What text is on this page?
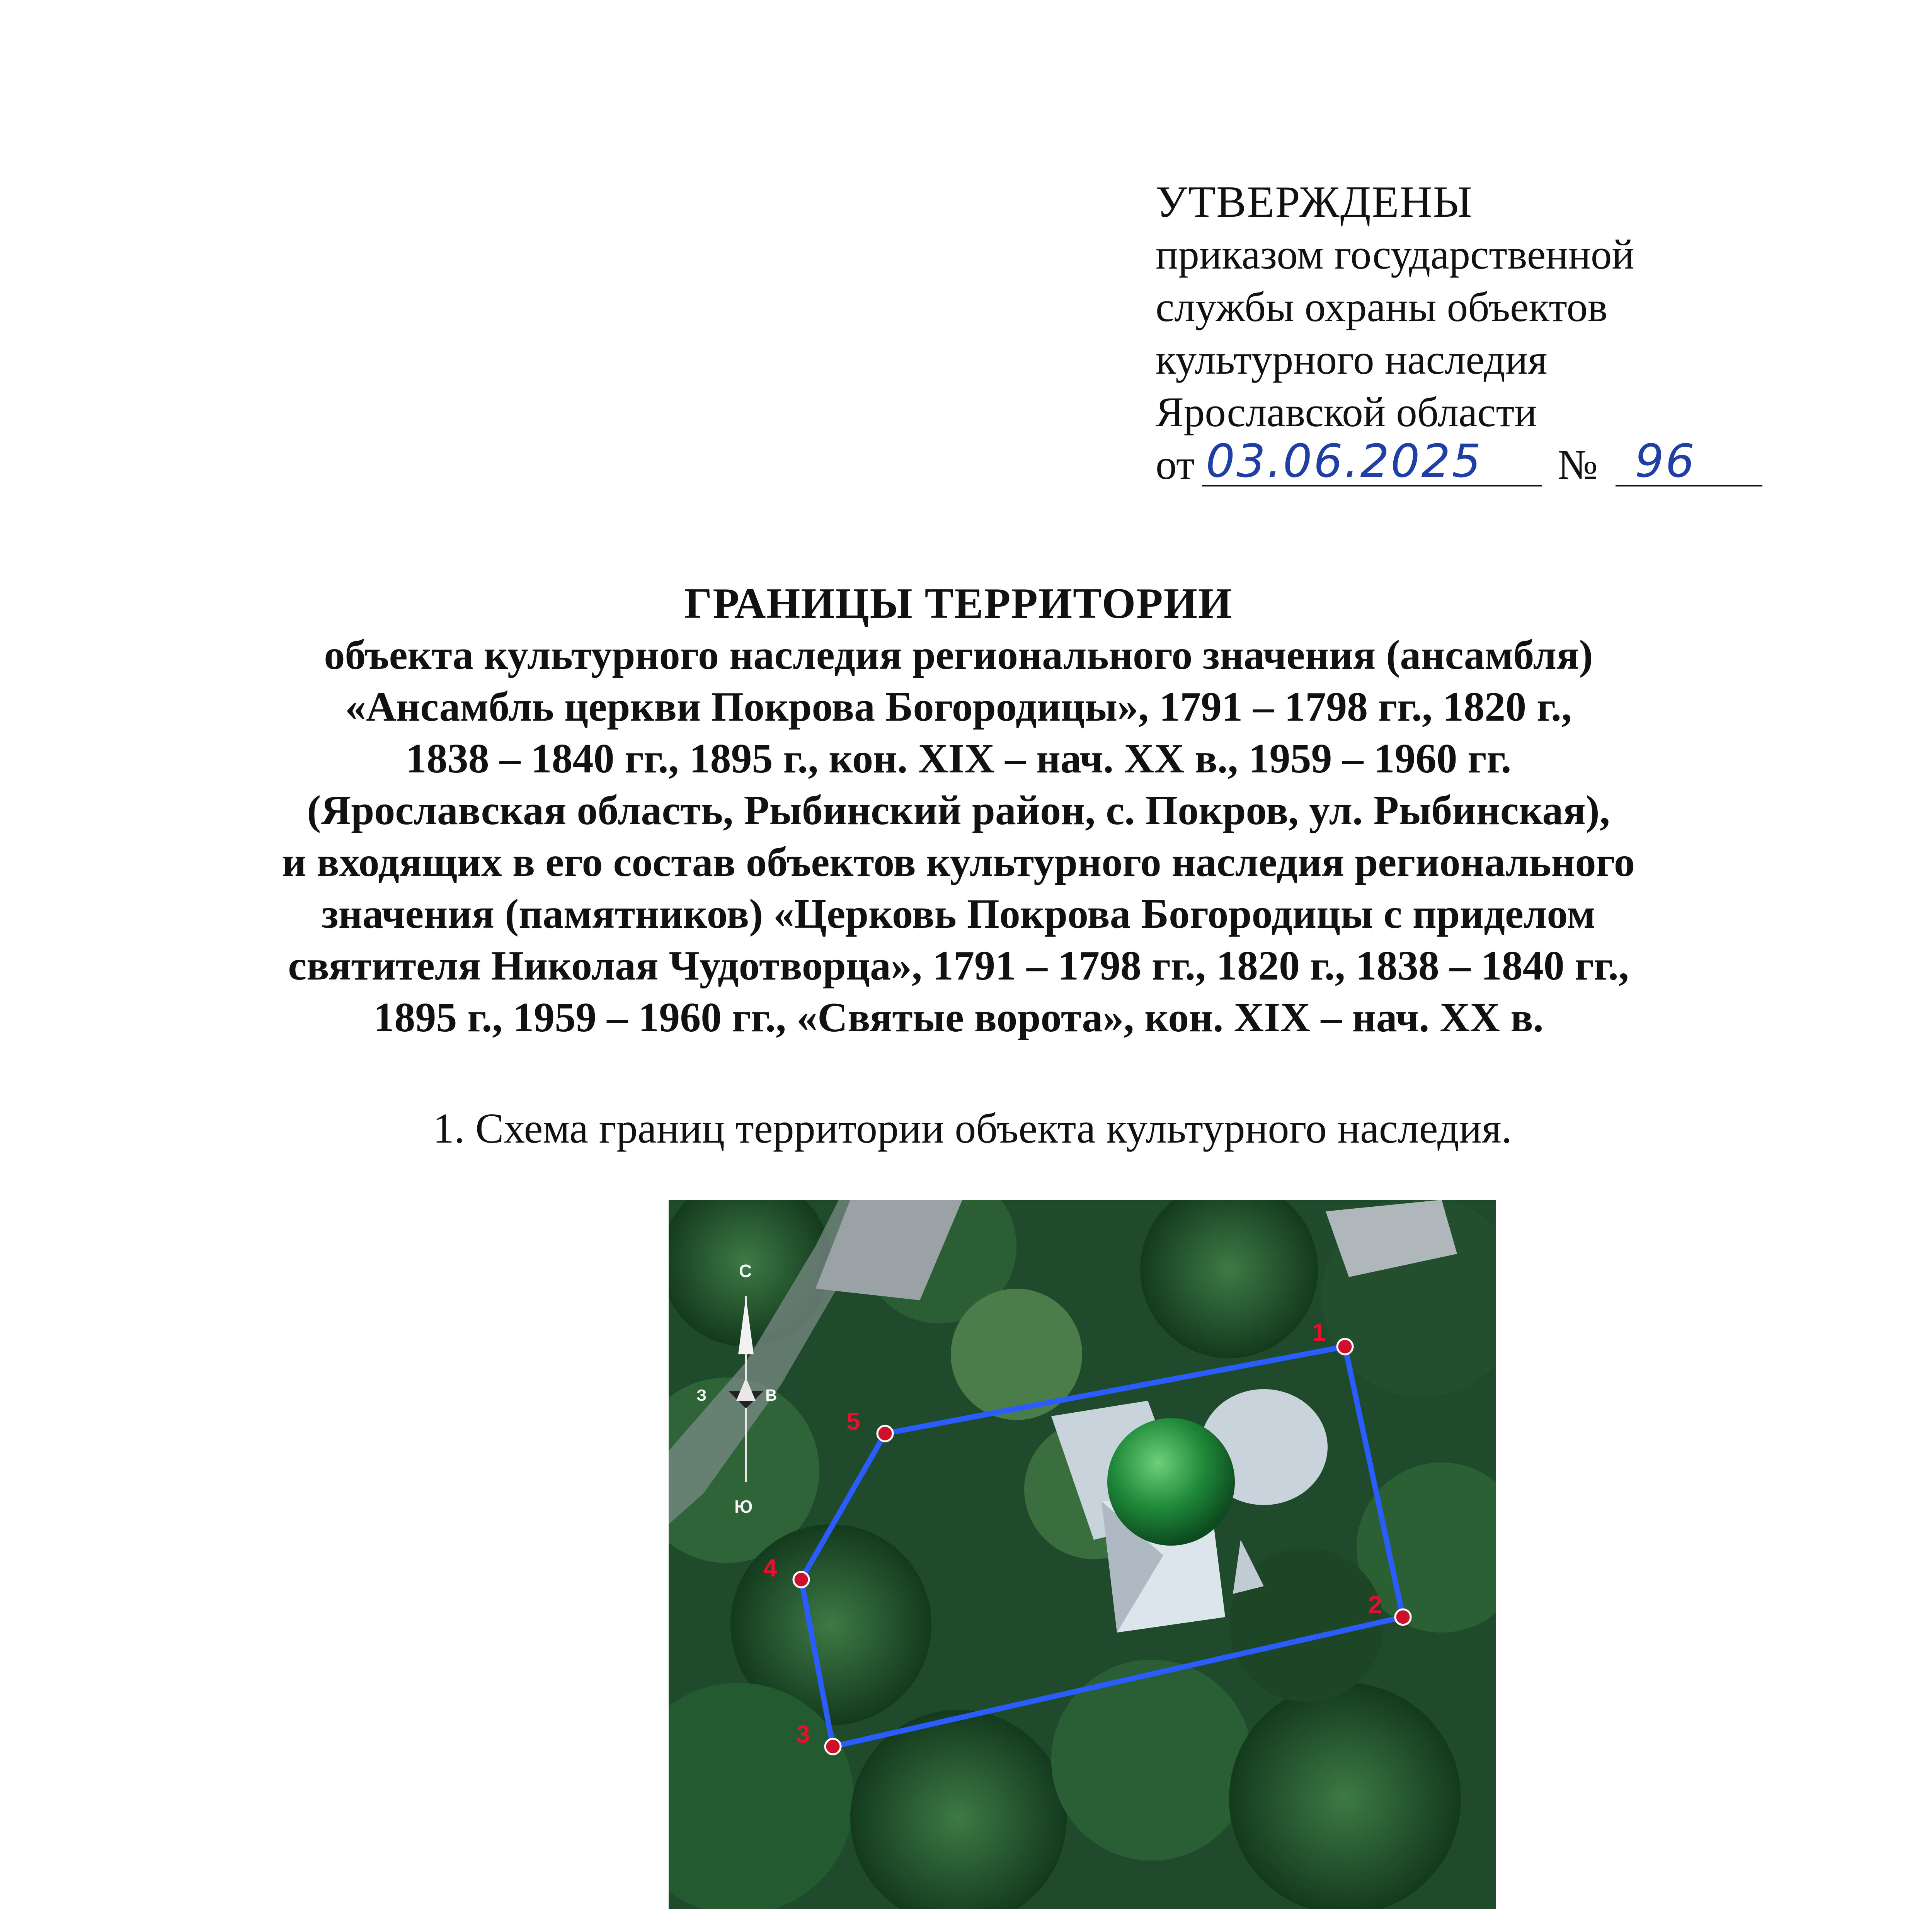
УТВЕРЖДЕНЫ
приказом государственной
службы охраны объектов
культурного наследия
Ярославской области
от 03.06.2025 № 96
ГРАНИЦЫ ТЕРРИТОРИИ
объекта культурного наследия регионального значения (ансамбля)
«Ансамбль церкви Покрова Богородицы», 1791 – 1798 гг., 1820 г.,
1838 – 1840 гг., 1895 г., кон. XIX – нач. XX в., 1959 – 1960 гг.
(Ярославская область, Рыбинский район, с. Покров, ул. Рыбинская),
и входящих в его состав объектов культурного наследия регионального
значения (памятников) «Церковь Покрова Богородицы с приделом
святителя Николая Чудотворца», 1791 – 1798 гг., 1820 г., 1838 – 1840 гг.,
1895 г., 1959 – 1960 гг., «Святые ворота», кон. XIX – нач. XX в.
1. Схема границ территории объекта культурного наследия.
С
З	В
Ю
1
2
3
4
5
